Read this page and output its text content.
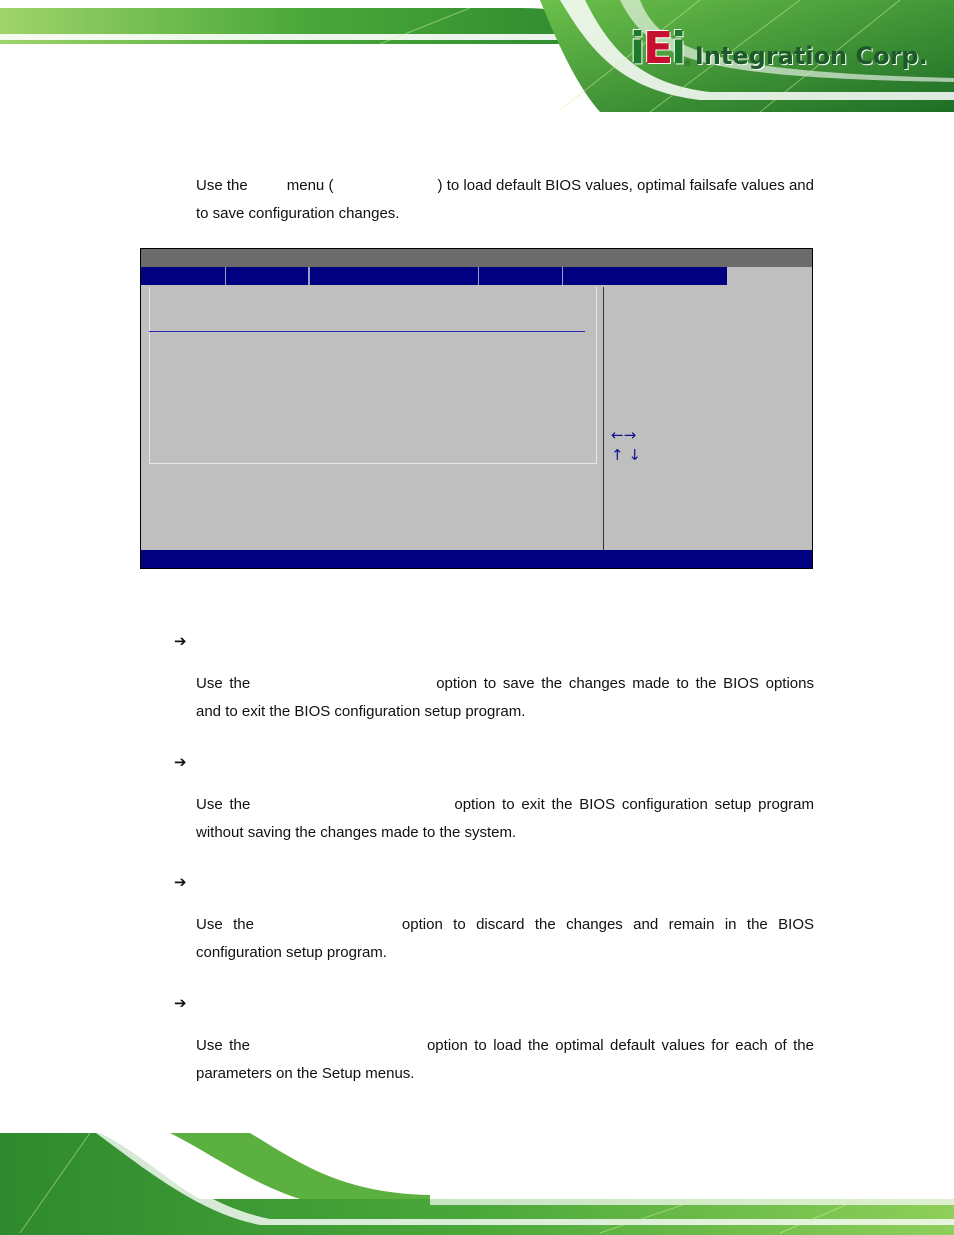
iEi ® Integration Corp.

Use the	menu (	) to load default BIOS values, optimal failsafe values and to save configuration changes.

←→
↑ ↓
➔

Use the	option to save the changes made to the BIOS options and to exit the BIOS configuration setup program.

➔

Use the	option to exit the BIOS configuration setup program without saving the changes made to the system.

➔

Use the	option to discard the changes and remain in the BIOS configuration setup program.

➔

Use the	option to load the optimal default values for each of the parameters on the Setup menus.
